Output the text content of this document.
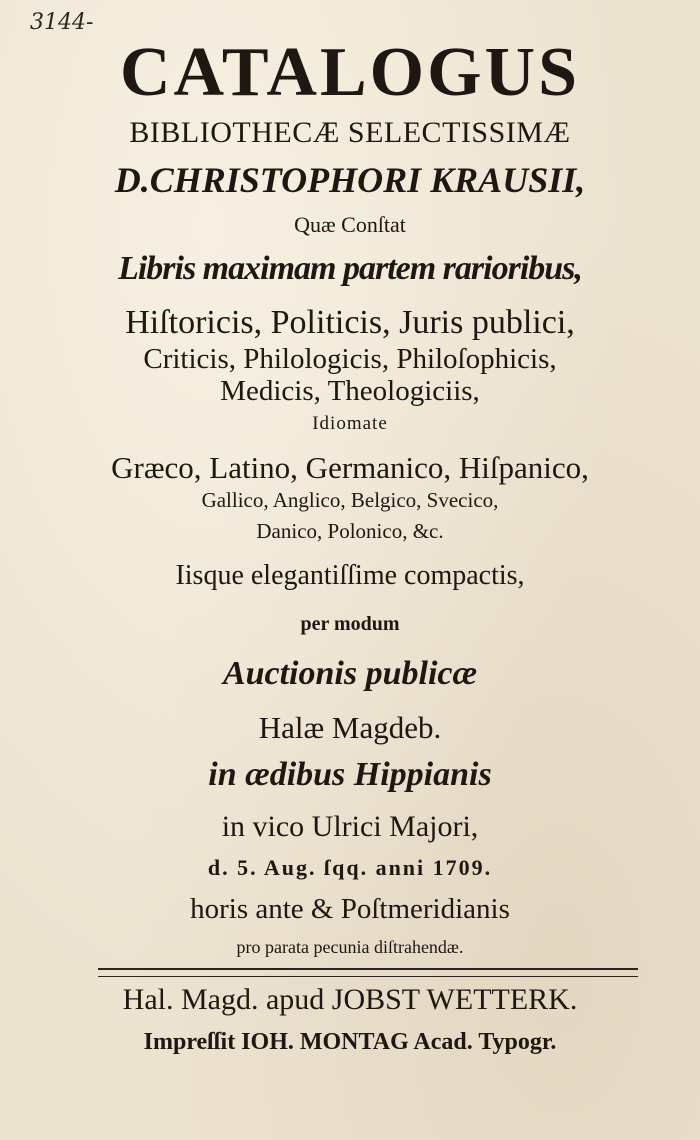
3144-
CATALOGUS
BIBLIOTHECÆ SELECTISSIMÆ
D.CHRISTOPHORI KRAUSII,
Quæ Conſtat
Libris maximam partem rarioribus,
Hiſtoricis, Politicis, Juris publici,
Criticis, Philologicis, Philoſophicis,
Medicis, Theologiciis,
Idiomate
Græco, Latino, Germanico, Hiſpanico,
Gallico, Anglico, Belgico, Svecico,
Danico, Polonico, &c.
Iisque elegantiſſime compactis,
per modum
Auctionis publicæ
Halæ Magdeb.
in ædibus Hippianis
in vico Ulrici Majori,
d. 5. Aug. ſqq. anni 1709.
horis ante & Poſtmeridianis
pro parata pecunia diſtrahendæ.
Hal. Magd. apud JOBST WETTERK.
Impreſſit IOH. MONTAG Acad. Typogr.
